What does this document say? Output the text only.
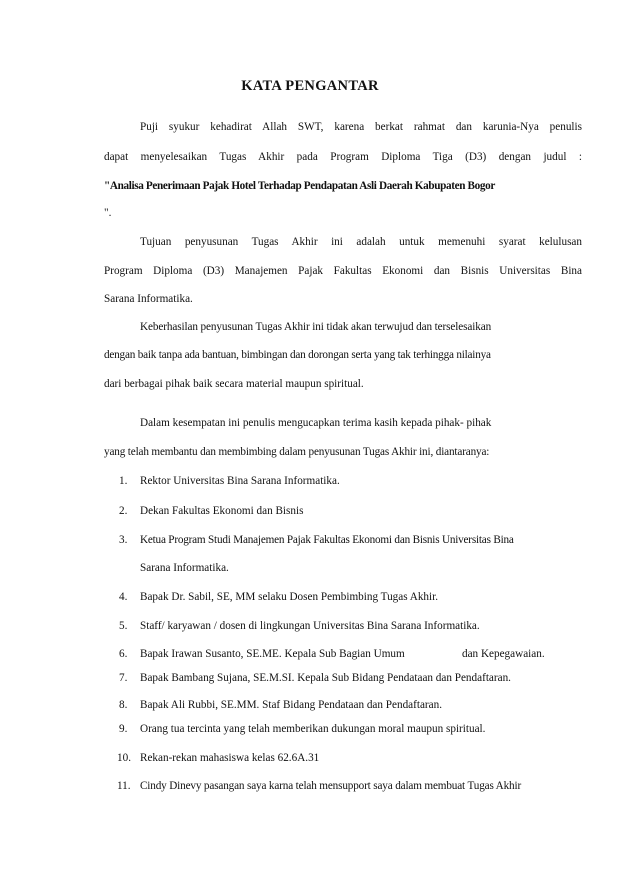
KATA PENGANTAR
Puji syukur kehadirat Allah SWT, karena berkat rahmat dan karunia-Nya penulis
dapat menyelesaikan Tugas Akhir pada Program Diploma Tiga (D3) dengan judul :
"Analisa Penerimaan Pajak Hotel Terhadap Pendapatan Asli Daerah Kabupaten Bogor
".
Tujuan penyusunan Tugas Akhir ini adalah untuk memenuhi syarat kelulusan
Program Diploma (D3) Manajemen Pajak Fakultas Ekonomi dan Bisnis Universitas Bina
Sarana Informatika.
Keberhasilan penyusunan Tugas Akhir ini tidak akan terwujud dan terselesaikan
dengan baik tanpa ada bantuan, bimbingan dan dorongan serta yang tak terhingga nilainya
dari berbagai pihak baik secara material maupun spiritual.
Dalam kesempatan ini penulis mengucapkan terima kasih kepada pihak- pihak
yang telah membantu dan membimbing dalam penyusunan Tugas Akhir ini, diantaranya:
1. Rektor Universitas Bina Sarana Informatika.
2. Dekan Fakultas Ekonomi dan Bisnis
3. Ketua Program Studi Manajemen Pajak Fakultas Ekonomi dan Bisnis Universitas Bina
Sarana Informatika.
4. Bapak Dr. Sabil, SE, MM selaku Dosen Pembimbing Tugas Akhir.
5. Staff/ karyawan / dosen di lingkungan Universitas Bina Sarana Informatika.
6. Bapak Irawan Susanto, SE.ME. Kepala Sub Bagian Umum	dan Kepegawaian.
7. Bapak Bambang Sujana, SE.M.SI. Kepala Sub Bidang Pendataan dan Pendaftaran.
8. Bapak Ali Rubbi, SE.MM. Staf Bidang Pendataan dan Pendaftaran.
9. Orang tua tercinta yang telah memberikan dukungan moral maupun spiritual.
10. Rekan-rekan mahasiswa kelas 62.6A.31
11. Cindy Dinevy pasangan saya karna telah mensupport saya dalam membuat Tugas Akhir
